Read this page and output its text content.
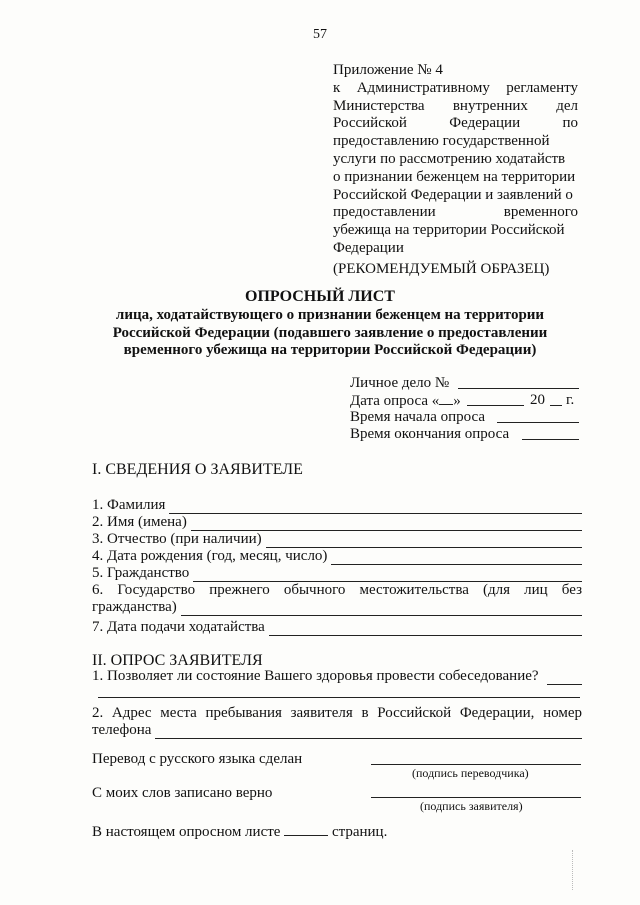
57
Приложение № 4
к Административному регламенту
Министерства внутренних дел
Российской Федерации по
предоставлению государственной
услуги по рассмотрению ходатайств
о признании беженцем на территории
Российской Федерации и заявлений о
предоставлении временного
убежища на территории Российской
Федерации
(РЕКОМЕНДУЕМЫЙ ОБРАЗЕЦ)
ОПРОСНЫЙ ЛИСТ
лица, ходатайствующего о признании беженцем на территории Российской Федерации (подавшего заявление о предоставлении временного убежища на территории Российской Федерации)
Личное дело №
Дата опроса « »	20 г.
Время начала опроса
Время окончания опроса
I. СВЕДЕНИЯ О ЗАЯВИТЕЛЕ
1. Фамилия
2. Имя (имена)
3. Отчество (при наличии)
4. Дата рождения (год, месяц, число)
5. Гражданство
6. Государство прежнего обычного местожительства (для лиц без
гражданства)
7. Дата подачи ходатайства
II. ОПРОС ЗАЯВИТЕЛЯ
1. Позволяет ли состояние Вашего здоровья провести собеседование?
2. Адрес места пребывания заявителя в Российской Федерации, номер
телефона
Перевод с русского языка сделан
(подпись переводчика)
С моих слов записано верно
(подпись заявителя)
В настоящем опросном листе	страниц.
